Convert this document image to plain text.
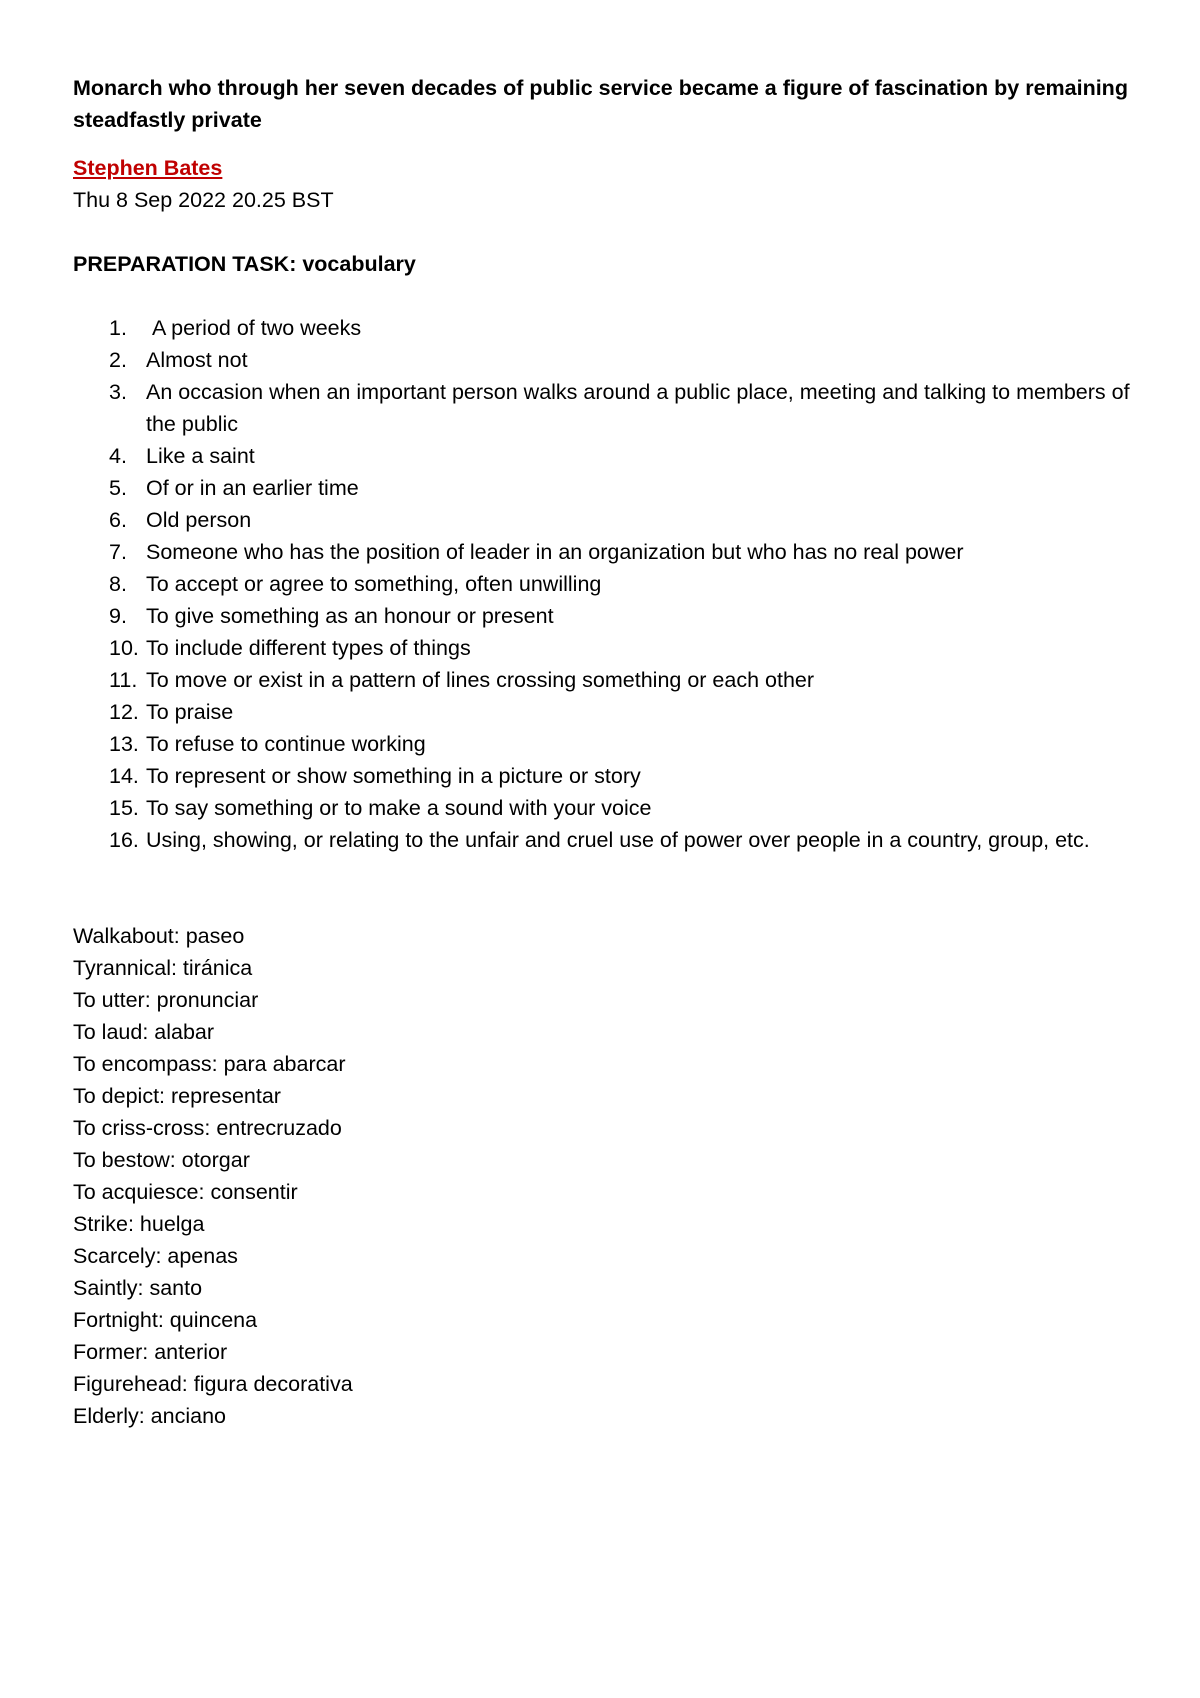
Monarch who through her seven decades of public service became a figure of fascination by remaining steadfastly private

Stephen Bates
Thu 8 Sep 2022 20.25 BST
PREPARATION TASK: vocabulary
1. A period of two weeks
2. Almost not
3. An occasion when an important person walks around a public place, meeting and talking to members of the public
4. Like a saint
5. Of or in an earlier time
6. Old person
7. Someone who has the position of leader in an organization but who has no real power
8. To accept or agree to something, often unwilling
9. To give something as an honour or present
10. To include different types of things
11. To move or exist in a pattern of lines crossing something or each other
12. To praise
13. To refuse to continue working
14. To represent or show something in a picture or story
15. To say something or to make a sound with your voice
16. Using, showing, or relating to the unfair and cruel use of power over people in a country, group, etc.
Walkabout: paseo
Tyrannical: tiránica
To utter: pronunciar
To laud: alabar
To encompass: para abarcar
To depict: representar
To criss-cross: entrecruzado
To bestow: otorgar
To acquiesce: consentir
Strike: huelga
Scarcely: apenas
Saintly: santo
Fortnight: quincena
Former: anterior
Figurehead: figura decorativa
Elderly: anciano
